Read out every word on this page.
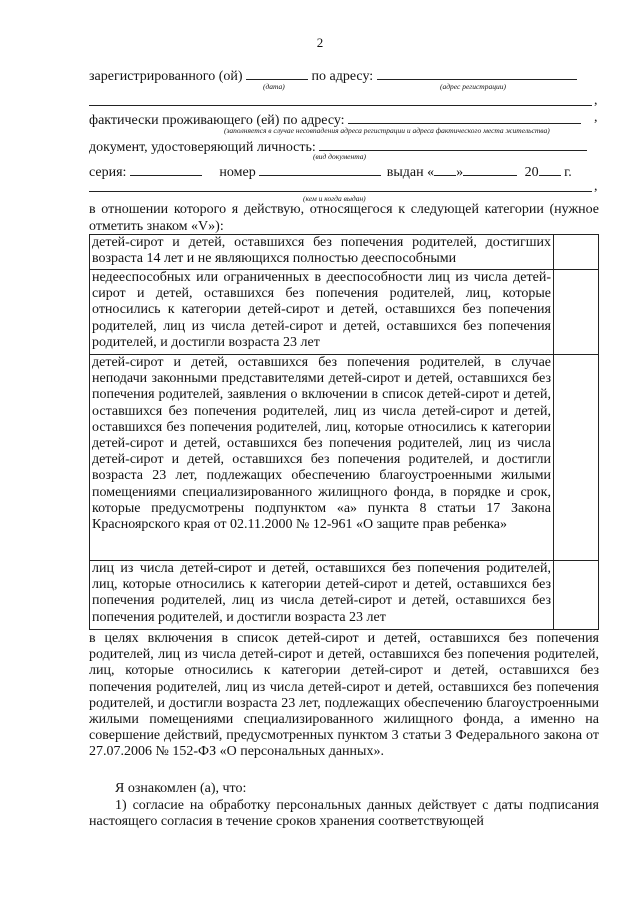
2
зарегистрированного (ой)	по адресу:
(дата)	(адрес регистрации)
,
фактически проживающего (ей) по адресу:	,
(заполняется в случае несовпадения адреса регистрации и адреса фактического места жительства)
документ, удостоверяющий личность:
(вид документа)
серия:	номер	выдан « »	20 г.
,
(кем и когда выдан)
в отношении которого я действую, относящегося к следующей категории (нужное отметить знаком «V»):
детей-сирот и детей, оставшихся без попечения родителей, достигших возраста 14 лет и не являющихся полностью дееспособными	
недееспособных или ограниченных в дееспособности лиц из числа детей-сирот и детей, оставшихся без попечения родителей, лиц, которые относились к категории детей-сирот и детей, оставшихся без попечения родителей, лиц из числа детей-сирот и детей, оставшихся без попечения родителей, и достигли возраста 23 лет	
детей-сирот и детей, оставшихся без попечения родителей, в случае неподачи законными представителями детей-сирот и детей, оставшихся без попечения родителей, заявления о включении в список детей-сирот и детей, оставшихся без попечения родителей, лиц из числа детей-сирот и детей, оставшихся без попечения родителей, лиц, которые относились к категории детей-сирот и детей, оставшихся без попечения родителей, лиц из числа детей-сирот и детей, оставшихся без попечения родителей, и достигли возраста 23 лет, подлежащих обеспечению благоустроенными жилыми помещениями специализированного жилищного фонда, в порядке и срок, которые предусмотрены подпунктом «а» пункта 8 статьи 17 Закона Красноярского края от 02.11.2000 № 12-961 «О защите прав ребенка»	
лиц из числа детей-сирот и детей, оставшихся без попечения родителей, лиц, которые относились к категории детей-сирот и детей, оставшихся без попечения родителей, лиц из числа детей-сирот и детей, оставшихся без попечения родителей, и достигли возраста 23 лет	
в целях включения в список детей-сирот и детей, оставшихся без попечения родителей, лиц из числа детей-сирот и детей, оставшихся без попечения родителей, лиц, которые относились к категории детей-сирот и детей, оставшихся без попечения родителей, лиц из числа детей-сирот и детей, оставшихся без попечения родителей, и достигли возраста 23 лет, подлежащих обеспечению благоустроенными жилыми помещениями специализированного жилищного фонда, а именно на совершение действий, предусмотренных пунктом 3 статьи 3 Федерального закона от 27.07.2006 № 152-ФЗ «О персональных данных».
Я ознакомлен (а), что:
1) согласие на обработку персональных данных действует с даты подписания настоящего согласия в течение сроков хранения соответствующей
